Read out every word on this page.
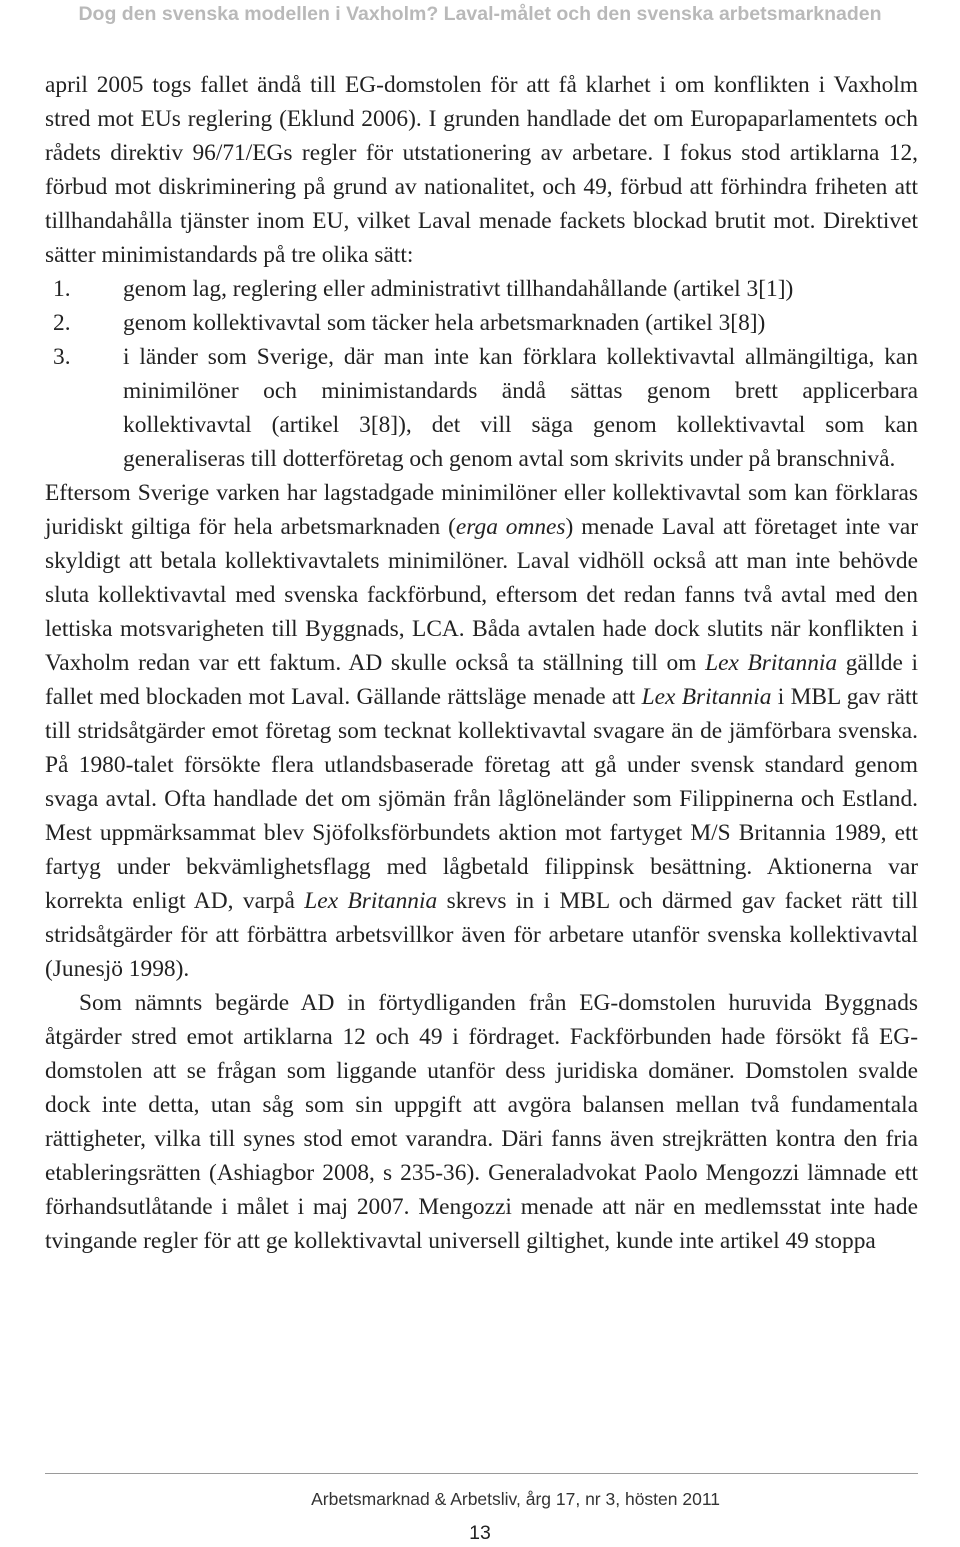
Dog den svenska modellen i Vaxholm? Laval-målet och den svenska arbetsmarknaden

april 2005 togs fallet ändå till EG-domstolen för att få klarhet i om konflikten i Vaxholm stred mot EUs reglering (Eklund 2006). I grunden handlade det om Europaparlamentets och rådets direktiv 96/71/EGs regler för utstationering av arbetare. I fokus stod artiklarna 12, förbud mot diskriminering på grund av nationalitet, och 49, förbud att förhindra friheten att tillhandahålla tjänster inom EU, vilket Laval menade fackets blockad brutit mot. Direktivet sätter minimistandards på tre olika sätt:

1. genom lag, reglering eller administrativt tillhandahållande (artikel 3[1])
2. genom kollektivavtal som täcker hela arbetsmarknaden (artikel 3[8])
3. i länder som Sverige, där man inte kan förklara kollektivavtal allmängiltiga, kan minimilöner och minimistandards ändå sättas genom brett applicerbara kollektivavtal (artikel 3[8]), det vill säga genom kollektivavtal som kan generaliseras till dotterföretag och genom avtal som skrivits under på branschnivå.

Eftersom Sverige varken har lagstadgade minimilöner eller kollektivavtal som kan förklaras juridiskt giltiga för hela arbetsmarknaden (erga omnes) menade Laval att företaget inte var skyldigt att betala kollektivavtalets minimilöner. Laval vidhöll också att man inte behövde sluta kollektivavtal med svenska fackförbund, eftersom det redan fanns två avtal med den lettiska motsvarigheten till Byggnads, LCA. Båda avtalen hade dock slutits när konflikten i Vaxholm redan var ett faktum. AD skulle också ta ställning till om Lex Britannia gällde i fallet med blockaden mot Laval. Gällande rättsläge menade att Lex Britannia i MBL gav rätt till stridsåtgärder emot företag som tecknat kollektivavtal svagare än de jämförbara svenska. På 1980-talet försökte flera utlandsbaserade företag att gå under svensk standard genom svaga avtal. Ofta handlade det om sjömän från låglöneländer som Filippinerna och Estland. Mest uppmärksammat blev Sjöfolksförbundets aktion mot fartyget M/S Britannia 1989, ett fartyg under bekvämlighetsflagg med lågbetald filippinsk besättning. Aktionerna var korrekta enligt AD, varpå Lex Britannia skrevs in i MBL och därmed gav facket rätt till stridsåtgärder för att förbättra arbetsvillkor även för arbetare utanför svenska kollektivavtal (Junesjö 1998).

Som nämnts begärde AD in förtydliganden från EG-domstolen huruvida Byggnads åtgärder stred emot artiklarna 12 och 49 i fördraget. Fackförbunden hade försökt få EG-domstolen att se frågan som liggande utanför dess juridiska domäner. Domstolen svalde dock inte detta, utan såg som sin uppgift att avgöra balansen mellan två fundamentala rättigheter, vilka till synes stod emot varandra. Däri fanns även strejkrätten kontra den fria etableringsrätten (Ashiagbor 2008, s 235-36). Generaladvokat Paolo Mengozzi lämnade ett förhandsutlåtande i målet i maj 2007. Mengozzi menade att när en medlemsstat inte hade tvingande regler för att ge kollektivavtal universell giltighet, kunde inte artikel 49 stoppa

Arbetsmarknad & Arbetsliv, årg 17, nr 3, hösten 2011
13
